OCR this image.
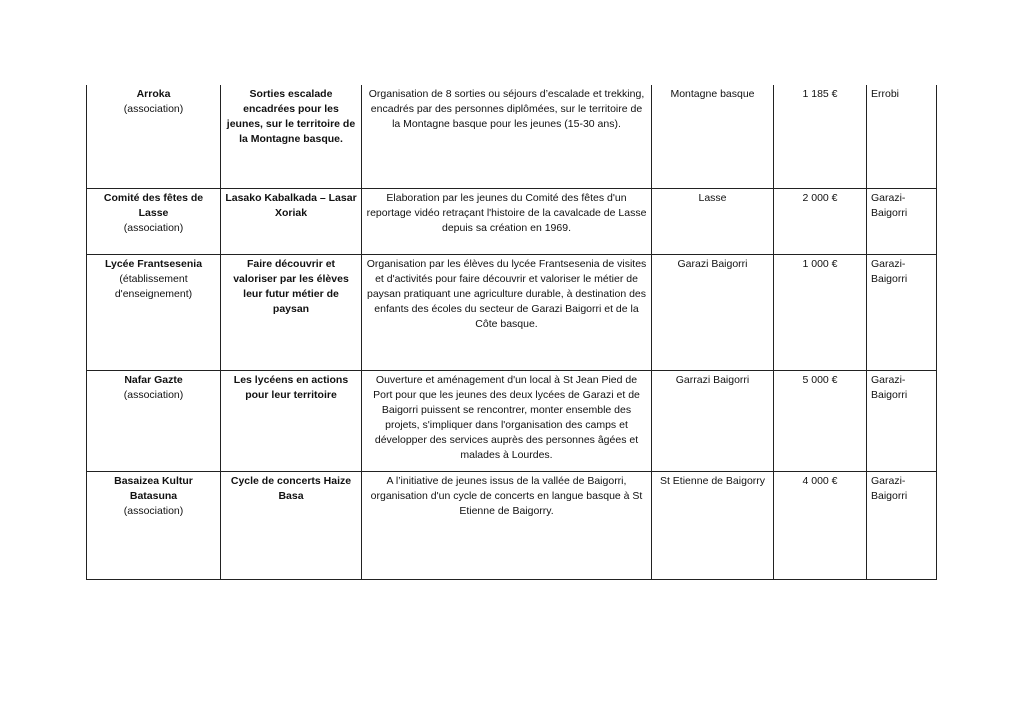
Arroka
(association)	Sorties escalade encadrées pour les jeunes, sur le territoire de la Montagne basque.	Organisation de 8 sorties ou séjours d’escalade et trekking, encadrés par des personnes diplômées, sur le territoire de la Montagne basque pour les jeunes (15-30 ans).	Montagne basque	1 185 €	Errobi

Comité des fêtes de Lasse
(association)	Lasako Kabalkada – Lasar Xoriak	Elaboration par les jeunes du Comité des fêtes d'un reportage vidéo retraçant l'histoire de la cavalcade de Lasse depuis sa création en 1969.	Lasse	2 000 €	Garazi-Baigorri

Lycée Frantsesenia
(établissement d'enseignement)	Faire découvrir et valoriser par les élèves leur futur métier de paysan	Organisation par les élèves du lycée Frantsesenia de visites et d'activités pour faire découvrir et valoriser le métier de paysan pratiquant une agriculture durable, à destination des enfants des écoles du secteur de Garazi Baigorri et de la Côte basque.	Garazi Baigorri	1 000 €	Garazi-Baigorri

Nafar Gazte
(association)	Les lycéens en actions pour leur territoire	Ouverture et aménagement d'un local à St Jean Pied de Port pour que les jeunes des deux lycées de Garazi et de Baigorri puissent se rencontrer, monter ensemble des projets, s'impliquer dans l'organisation des camps et développer des services auprès des personnes âgées et malades à Lourdes.	Garrazi Baigorri	5 000 €	Garazi-Baigorri

Basaizea Kultur Batasuna
(association)	Cycle de concerts Haize Basa	A l’initiative de jeunes issus de la vallée de Baigorri, organisation d'un cycle de concerts en langue basque à St Etienne de Baigorry.	St Etienne de Baigorry	4 000 €	Garazi-Baigorri
